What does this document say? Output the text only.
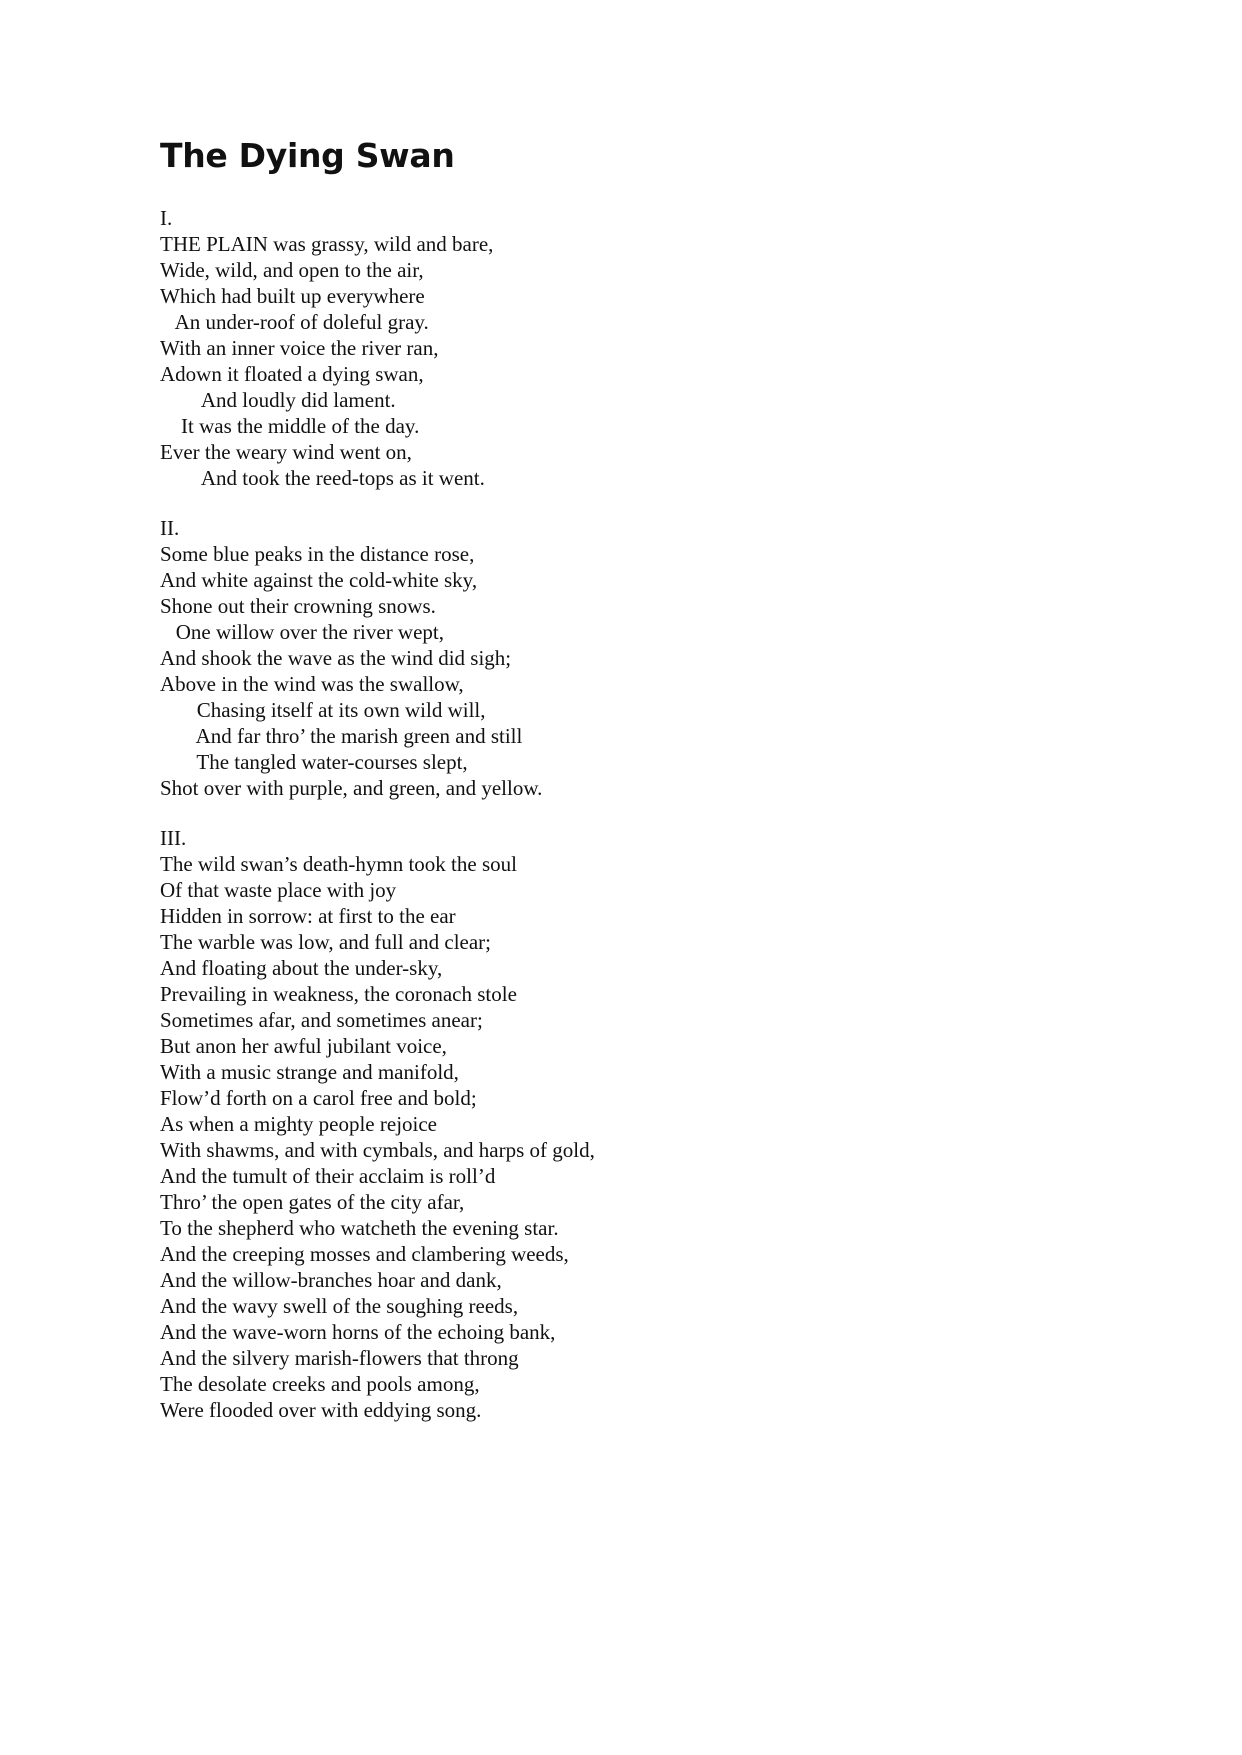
The Dying Swan
I.
THE PLAIN was grassy, wild and bare,
Wide, wild, and open to the air,
Which had built up everywhere
An under-roof of doleful gray.
With an inner voice the river ran,
Adown it floated a dying swan,
And loudly did lament.
It was the middle of the day.
Ever the weary wind went on,
And took the reed-tops as it went.
II.
Some blue peaks in the distance rose,
And white against the cold-white sky,
Shone out their crowning snows.
One willow over the river wept,
And shook the wave as the wind did sigh;
Above in the wind was the swallow,
Chasing itself at its own wild will,
And far thro’ the marish green and still
The tangled water-courses slept,
Shot over with purple, and green, and yellow.
III.
The wild swan’s death-hymn took the soul
Of that waste place with joy
Hidden in sorrow: at first to the ear
The warble was low, and full and clear;
And floating about the under-sky,
Prevailing in weakness, the coronach stole
Sometimes afar, and sometimes anear;
But anon her awful jubilant voice,
With a music strange and manifold,
Flow’d forth on a carol free and bold;
As when a mighty people rejoice
With shawms, and with cymbals, and harps of gold,
And the tumult of their acclaim is roll’d
Thro’ the open gates of the city afar,
To the shepherd who watcheth the evening star.
And the creeping mosses and clambering weeds,
And the willow-branches hoar and dank,
And the wavy swell of the soughing reeds,
And the wave-worn horns of the echoing bank,
And the silvery marish-flowers that throng
The desolate creeks and pools among,
Were flooded over with eddying song.
